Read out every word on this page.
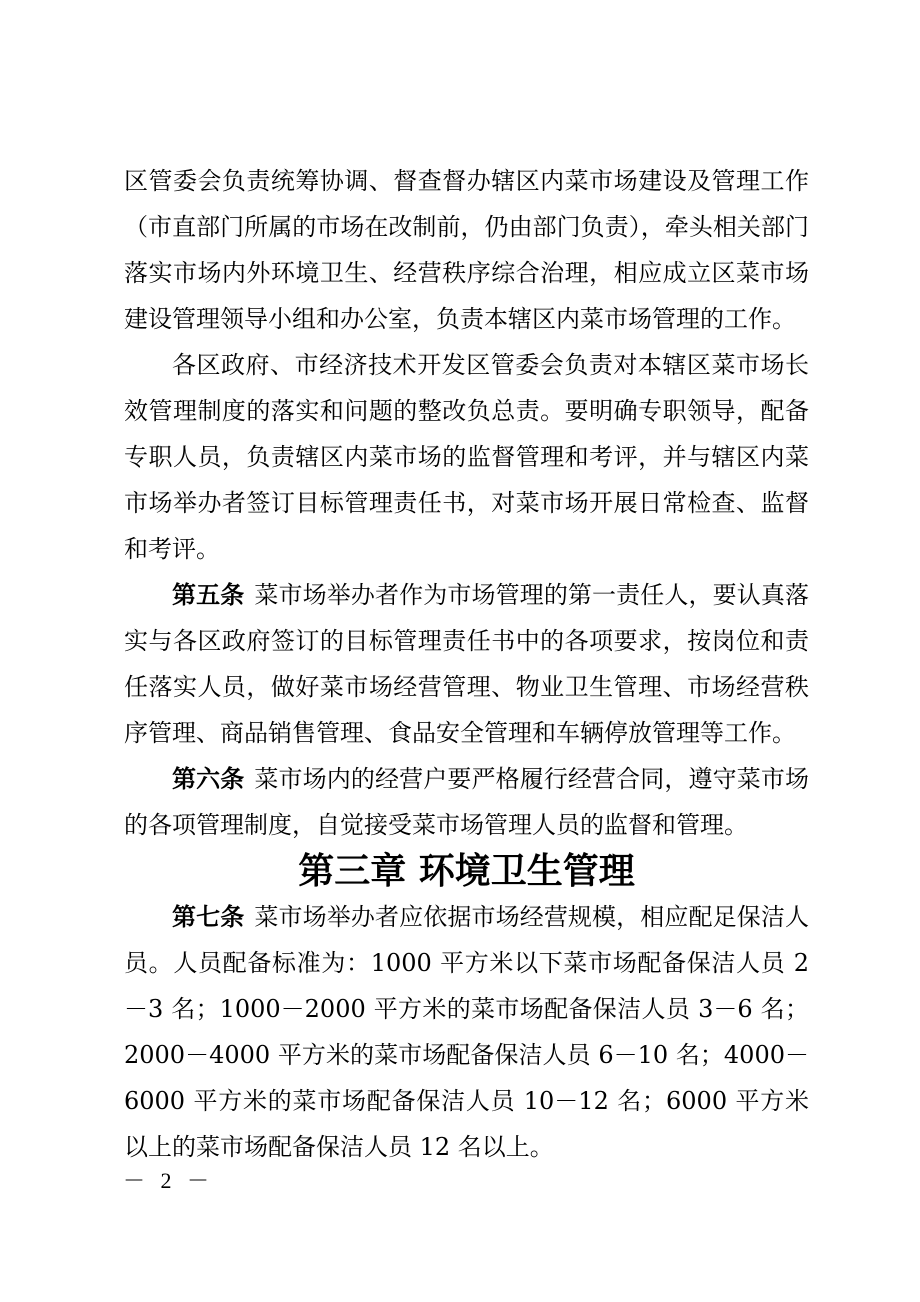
区管委会负责统筹协调、督查督办辖区内菜市场建设及管理工作（市直部门所属的市场在改制前，仍由部门负责），牵头相关部门落实市场内外环境卫生、经营秩序综合治理，相应成立区菜市场建设管理领导小组和办公室，负责本辖区内菜市场管理的工作。

各区政府、市经济技术开发区管委会负责对本辖区菜市场长效管理制度的落实和问题的整改负总责。要明确专职领导，配备专职人员，负责辖区内菜市场的监督管理和考评，并与辖区内菜市场举办者签订目标管理责任书，对菜市场开展日常检查、监督和考评。

第五条 菜市场举办者作为市场管理的第一责任人，要认真落实与各区政府签订的目标管理责任书中的各项要求，按岗位和责任落实人员，做好菜市场经营管理、物业卫生管理、市场经营秩序管理、商品销售管理、食品安全管理和车辆停放管理等工作。

第六条 菜市场内的经营户要严格履行经营合同，遵守菜市场的各项管理制度，自觉接受菜市场管理人员的监督和管理。

第三章 环境卫生管理

第七条 菜市场举办者应依据市场经营规模，相应配足保洁人员。人员配备标准为：1000 平方米以下菜市场配备保洁人员 2－3 名；1000－2000 平方米的菜市场配备保洁人员 3－6 名；2000－4000 平方米的菜市场配备保洁人员 6－10 名；4000－6000 平方米的菜市场配备保洁人员 10－12 名；6000 平方米以上的菜市场配备保洁人员 12 名以上。

－ 2 －
